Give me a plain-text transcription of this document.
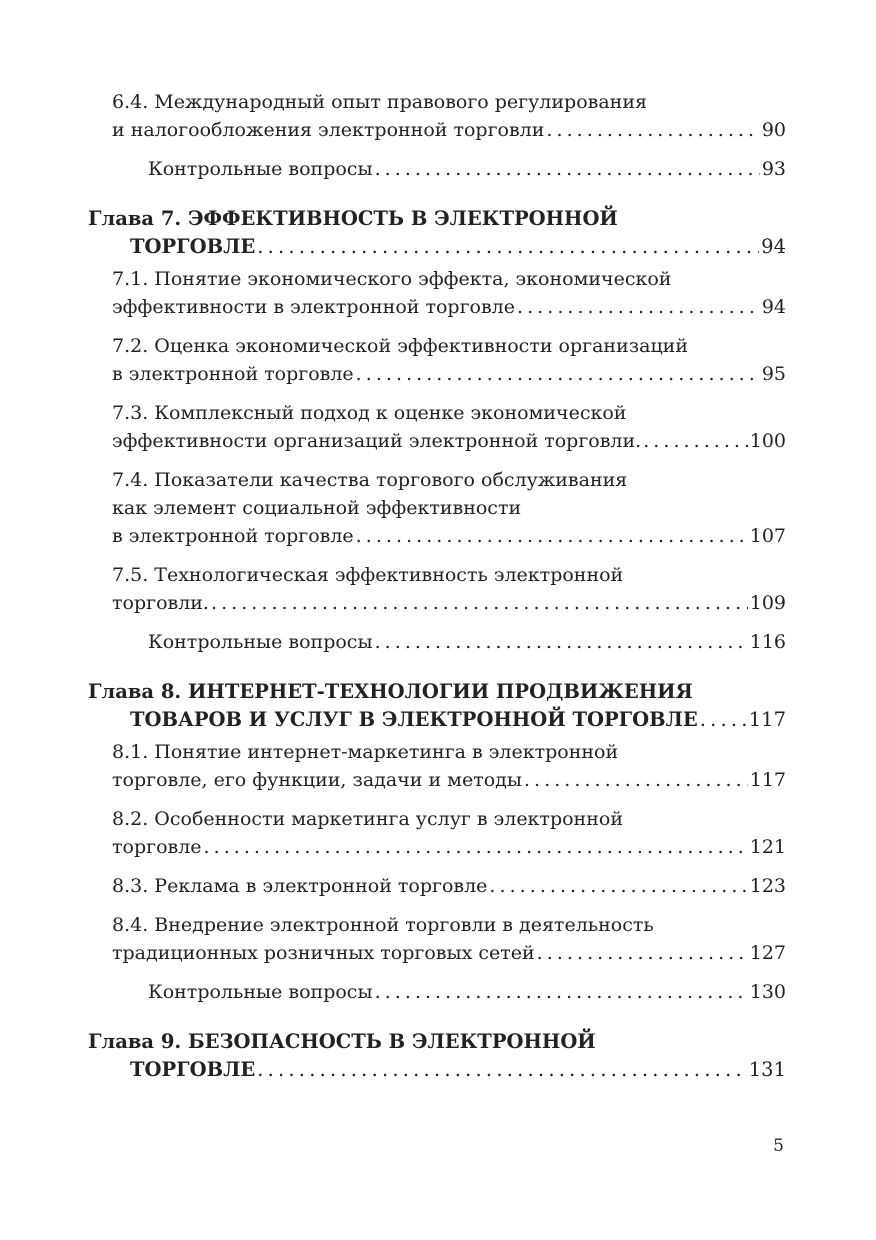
6.4. Международный опыт правового регулирования
и налогообложения электронной торговли . . .	90
Контрольные вопросы . . .	93
Глава 7. ЭФФЕКТИВНОСТЬ В ЭЛЕКТРОННОЙ
ТОРГОВЛЕ . . .	94
7.1. Понятие экономического эффекта, экономической
эффективности в электронной торговле . . .	94
7.2. Оценка экономической эффективности организаций
в электронной торговле . . .	95
7.3. Комплексный подход к оценке экономической
эффективности организаций электронной торговли. . . .	100
7.4. Показатели качества торгового обслуживания
как элемент социальной эффективности
в электронной торговле . . .	107
7.5. Технологическая эффективность электронной
торговли. . . .	109
Контрольные вопросы . . .	116
Глава 8. ИНТЕРНЕТ-ТЕХНОЛОГИИ ПРОДВИЖЕНИЯ
ТОВАРОВ И УСЛУГ В ЭЛЕКТРОННОЙ ТОРГОВЛЕ . . .	117
8.1. Понятие интернет-маркетинга в электронной
торговле, его функции, задачи и методы . . .	117
8.2. Особенности маркетинга услуг в электронной
торговле . . .	121
8.3. Реклама в электронной торговле . . .	123
8.4. Внедрение электронной торговли в деятельность
традиционных розничных торговых сетей . . .	127
Контрольные вопросы . . .	130
Глава 9. БЕЗОПАСНОСТЬ В ЭЛЕКТРОННОЙ
ТОРГОВЛЕ . . .	131
5
